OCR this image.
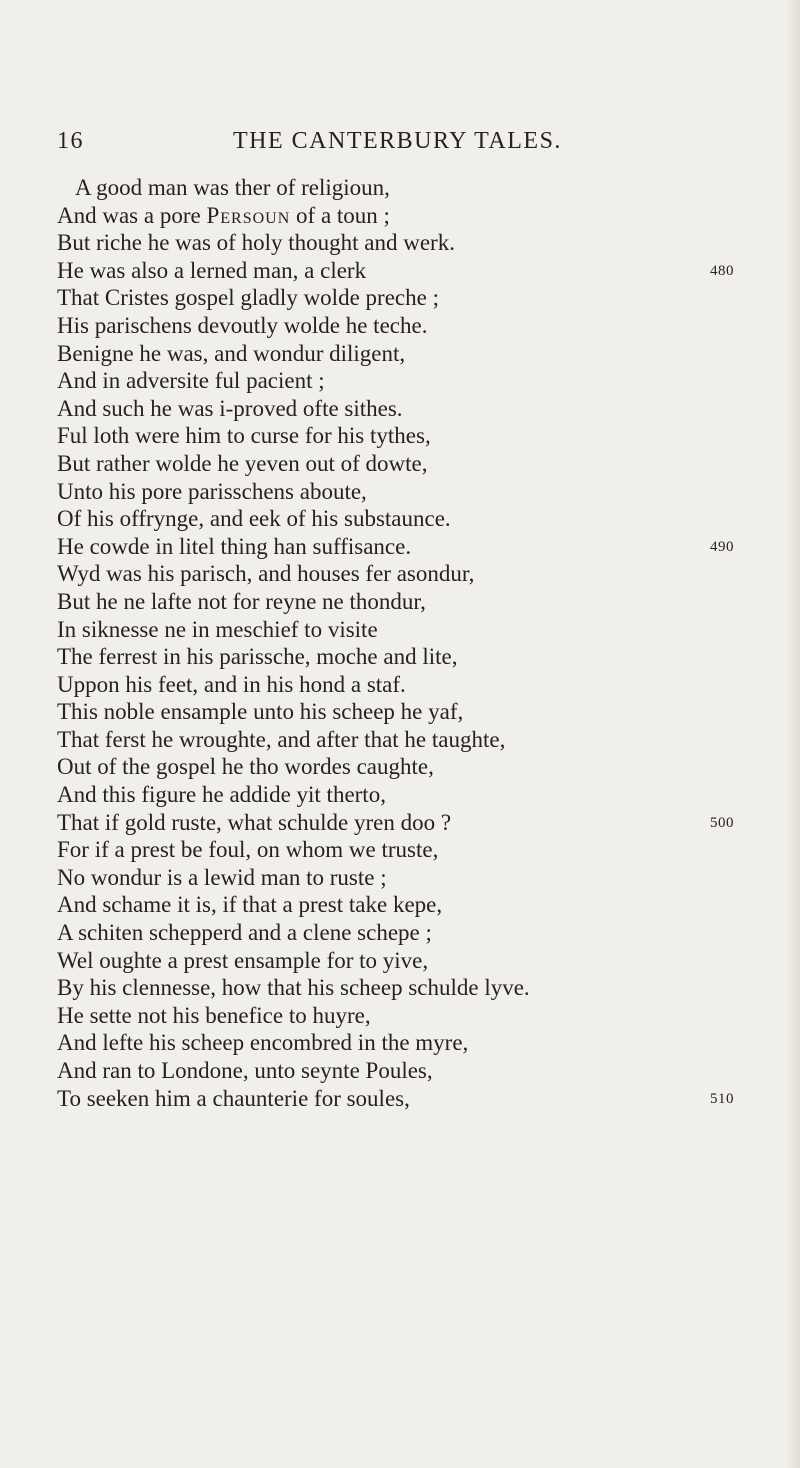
16	THE CANTERBURY TALES.
A good man was ther of religioun,
And was a pore Persoun of a toun ;
But riche he was of holy thought and werk.
He was also a lerned man, a clerk	480
That Cristes gospel gladly wolde preche ;
His parischens devoutly wolde he teche.
Benigne he was, and wondur diligent,
And in adversite ful pacient ;
And such he was i-proved ofte sithes.
Ful loth were him to curse for his tythes,
But rather wolde he yeven out of dowte,
Unto his pore parisschens aboute,
Of his offrynge, and eek of his substaunce.
He cowde in litel thing han suffisance.	490
Wyd was his parisch, and houses fer asondur,
But he ne lafte not for reyne ne thondur,
In siknesse ne in meschief to visite
The ferrest in his parissche, moche and lite,
Uppon his feet, and in his hond a staf.
This noble ensample unto his scheep he yaf,
That ferst he wroughte, and after that he taughte,
Out of the gospel he tho wordes caughte,
And this figure he addide yit therto,
That if gold ruste, what schulde yren doo ?	500
For if a prest be foul, on whom we truste,
No wondur is a lewid man to ruste ;
And schame it is, if that a prest take kepe,
A schiten schepperd and a clene schepe ;
Wel oughte a prest ensample for to yive,
By his clennesse, how that his scheep schulde lyve.
He sette not his benefice to huyre,
And lefte his scheep encombred in the myre,
And ran to Londone, unto seynte Poules,
To seeken him a chaunterie for soules,	510
